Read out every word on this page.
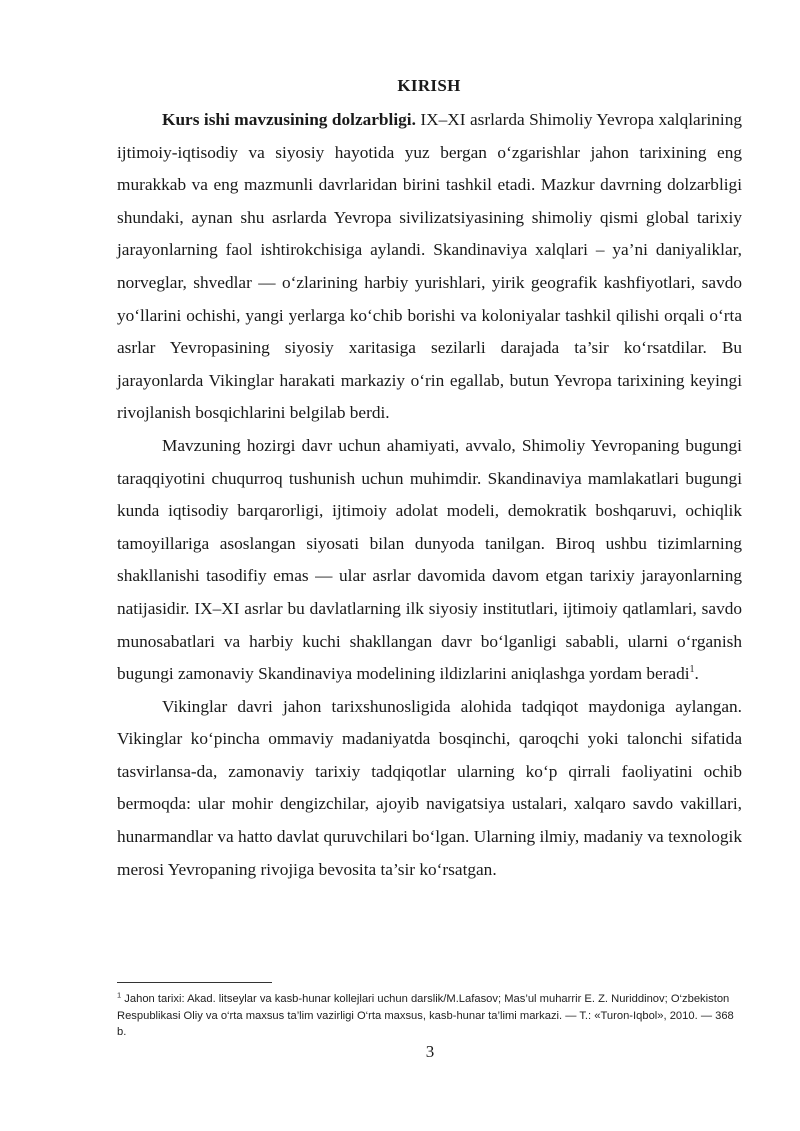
KIRISH

Kurs ishi mavzusining dolzarbligi. IX–XI asrlarda Shimoliy Yevropa xalqlarining ijtimoiy-iqtisodiy va siyosiy hayotida yuz bergan o‘zgarishlar jahon tarixining eng murakkab va eng mazmunli davrlaridan birini tashkil etadi. Mazkur davrning dolzarbligi shundaki, aynan shu asrlarda Yevropa sivilizatsiyasining shimoliy qismi global tarixiy jarayonlarning faol ishtirokchisiga aylandi. Skandinaviya xalqlari – ya’ni daniyaliklar, norveglar, shvedlar — o‘zlarining harbiy yurishlari, yirik geografik kashfiyotlari, savdo yo‘llarini ochishi, yangi yerlarga ko‘chib borishi va koloniyalar tashkil qilishi orqali o‘rta asrlar Yevropasining siyosiy xaritasiga sezilarli darajada ta’sir ko‘rsatdilar. Bu jarayonlarda Vikinglar harakati markaziy o‘rin egallab, butun Yevropa tarixining keyingi rivojlanish bosqichlarini belgilab berdi.

Mavzuning hozirgi davr uchun ahamiyati, avvalo, Shimoliy Yevropaning bugungi taraqqiyotini chuqurroq tushunish uchun muhimdir. Skandinaviya mamlakatlari bugungi kunda iqtisodiy barqarorligi, ijtimoiy adolat modeli, demokratik boshqaruvi, ochiqlik tamoyillariga asoslangan siyosati bilan dunyoda tanilgan. Biroq ushbu tizimlarning shakllanishi tasodifiy emas — ular asrlar davomida davom etgan tarixiy jarayonlarning natijasidir. IX–XI asrlar bu davlatlarning ilk siyosiy institutlari, ijtimoiy qatlamlari, savdo munosabatlari va harbiy kuchi shakllangan davr bo‘lganligi sababli, ularni o‘rganish bugungi zamonaviy Skandinaviya modelining ildizlarini aniqlashga yordam beradi$^1$.

Vikinglar davri jahon tarixshunosligida alohida tadqiqot maydoniga aylangan. Vikinglar ko‘pincha ommaviy madaniyatda bosqinchi, qaroqchi yoki talonchi sifatida tasvirlansa-da, zamonaviy tarixiy tadqiqotlar ularning ko‘p qirrali faoliyatini ochib bermoqda: ular mohir dengizchilar, ajoyib navigatsiya ustalari, xalqaro savdo vakillari, hunarmandlar va hatto davlat quruvchilari bo‘lgan. Ularning ilmiy, madaniy va texnologik merosi Yevropaning rivojiga bevosita ta’sir ko‘rsatgan.

$^1$ Jahon tarixi: Akad. litseylar va kasb-hunar kollejlari uchun darslik/M.Lafasov; Mas’ul muharrir E. Z. Nuriddinov; O‘zbekiston Respublikasi Oliy va o‘rta maxsus ta’lim vazirligi O‘rta maxsus, kasb-hunar ta’limi markazi. — T.: «Turon-Iqbol», 2010. — 368 b.
3
